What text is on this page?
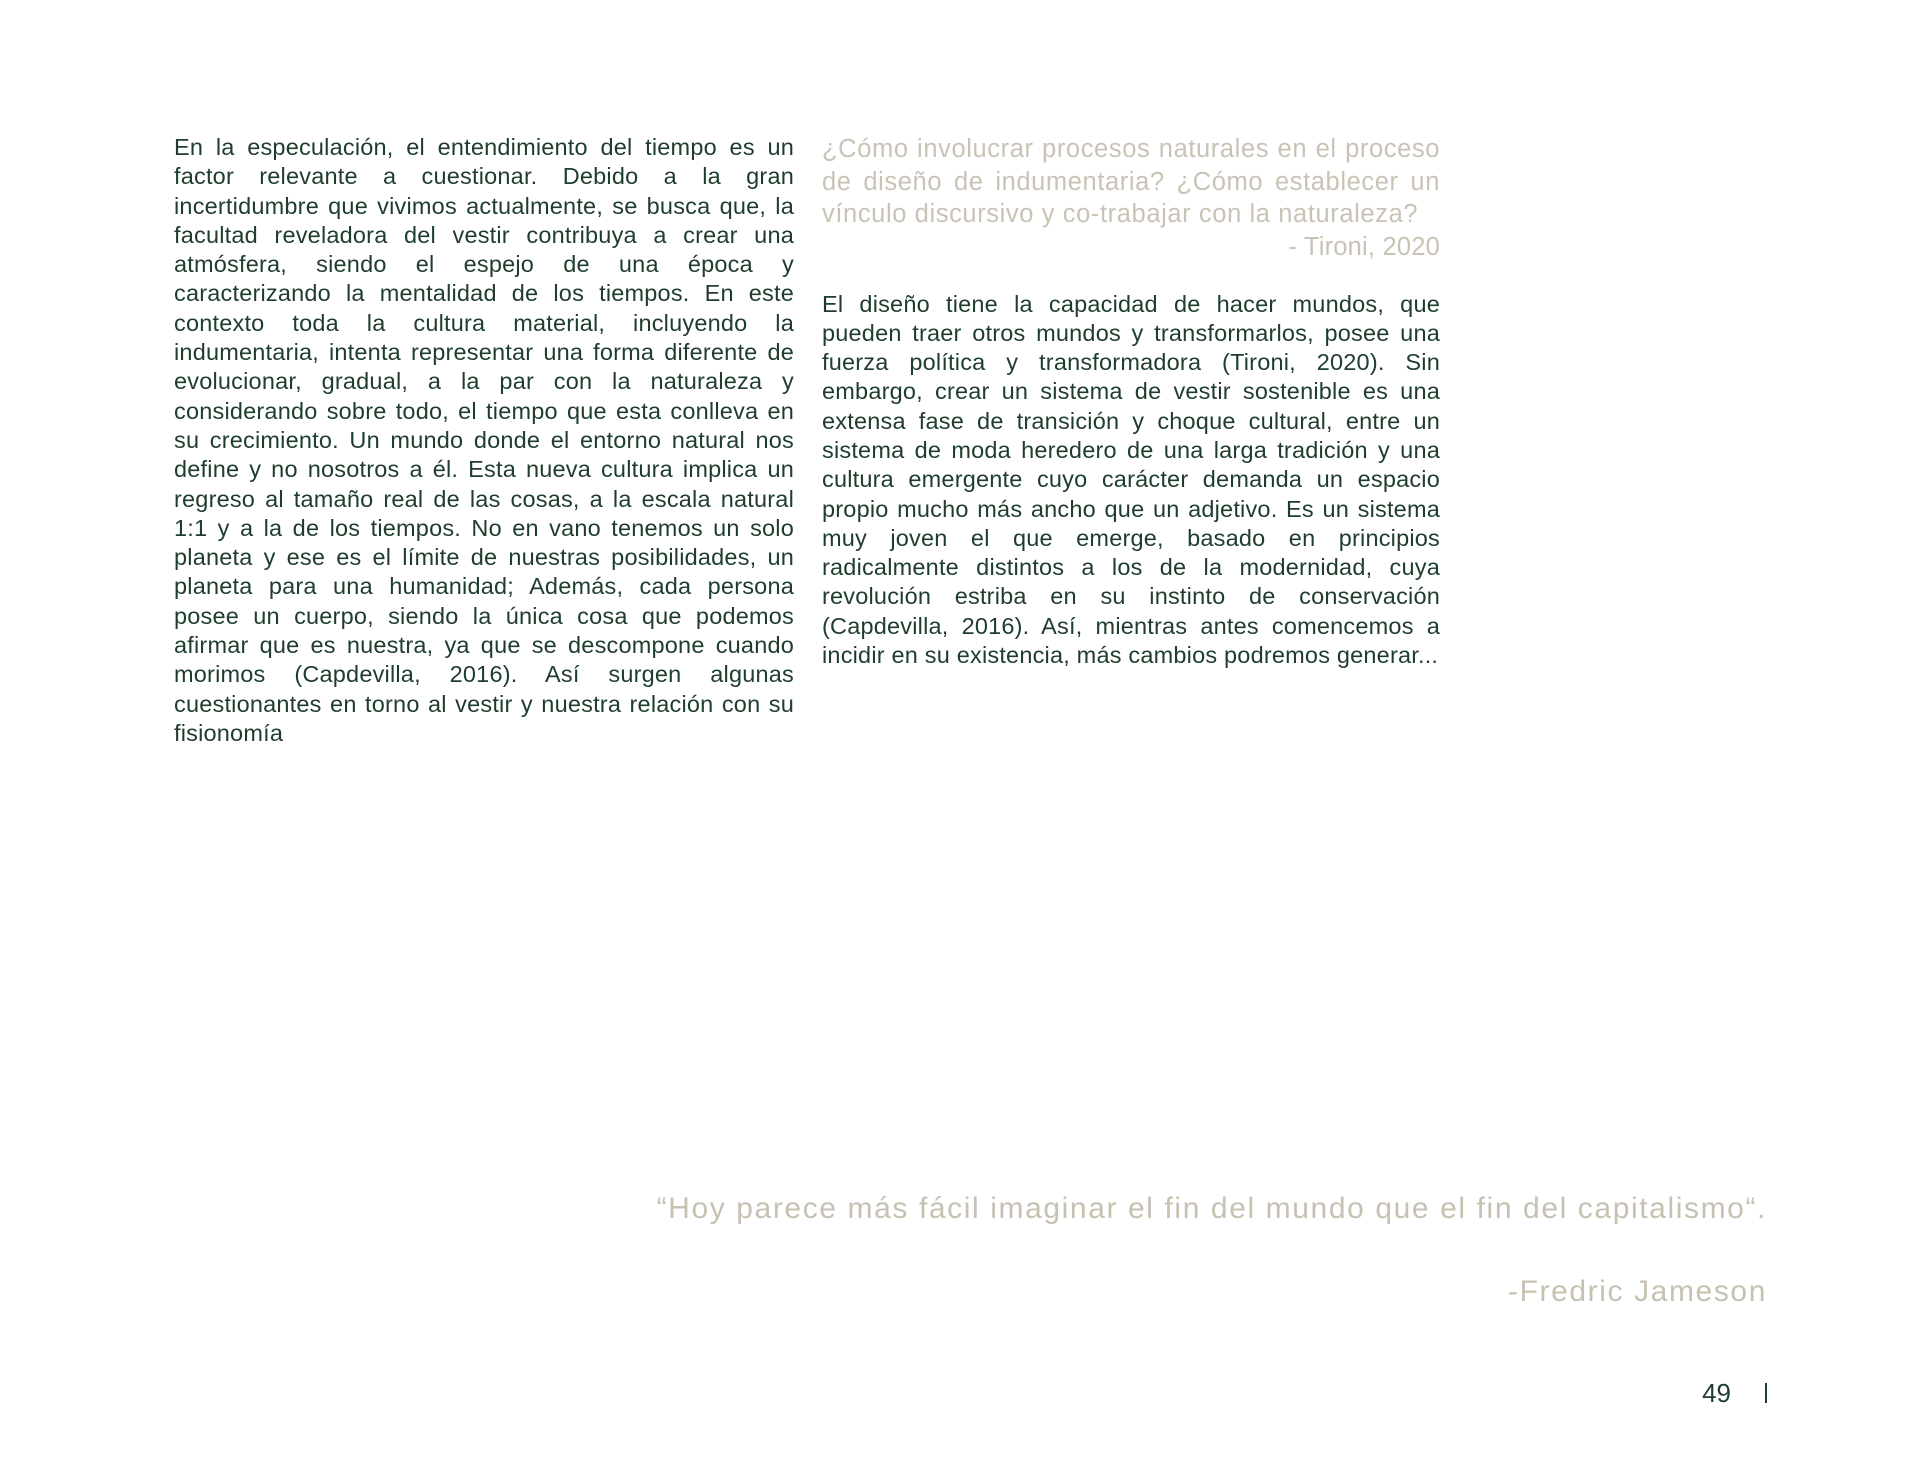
En la especulación, el entendimiento del tiempo es un factor relevante a cuestionar. Debido a la gran incertidumbre que vivimos actualmente, se busca que, la facultad reveladora del vestir contribuya a crear una atmósfera, siendo el espejo de una época y caracterizando la mentalidad de los tiempos. En este contexto toda la cultura material, incluyendo la indumentaria, intenta representar una forma diferente de evolucionar, gradual, a la par con la naturaleza y considerando sobre todo, el tiempo que esta conlleva en su crecimiento. Un mundo donde el entorno natural nos define y no nosotros a él. Esta nueva cultura implica un regreso al tamaño real de las cosas, a la escala natural 1:1 y a la de los tiempos. No en vano tenemos un solo planeta y ese es el límite de nuestras posibilidades, un planeta para una humanidad; Además, cada persona posee un cuerpo, siendo la única cosa que podemos afirmar que es nuestra, ya que se descompone cuando morimos (Capdevilla, 2016). Así surgen algunas cuestionantes en torno al vestir y nuestra relación con su fisionomía

¿Cómo involucrar procesos naturales en el proceso de diseño de indumentaria? ¿Cómo establecer un vínculo discursivo y co-trabajar con la naturaleza?

- Tironi, 2020

El diseño tiene la capacidad de hacer mundos, que pueden traer otros mundos y transformarlos, posee una fuerza política y transformadora (Tironi, 2020). Sin embargo, crear un sistema de vestir sostenible es una extensa fase de transición y choque cultural, entre un sistema de moda heredero de una larga tradición y una cultura emergente cuyo carácter demanda un espacio propio mucho más ancho que un adjetivo. Es un sistema muy joven el que emerge, basado en principios radicalmente distintos a los de la modernidad, cuya revolución estriba en su instinto de conservación (Capdevilla, 2016). Así, mientras antes comencemos a incidir en su existencia, más cambios podremos generar...

“Hoy parece más fácil imaginar el fin del mundo que el fin del capitalismo“.
-Fredric Jameson
49
